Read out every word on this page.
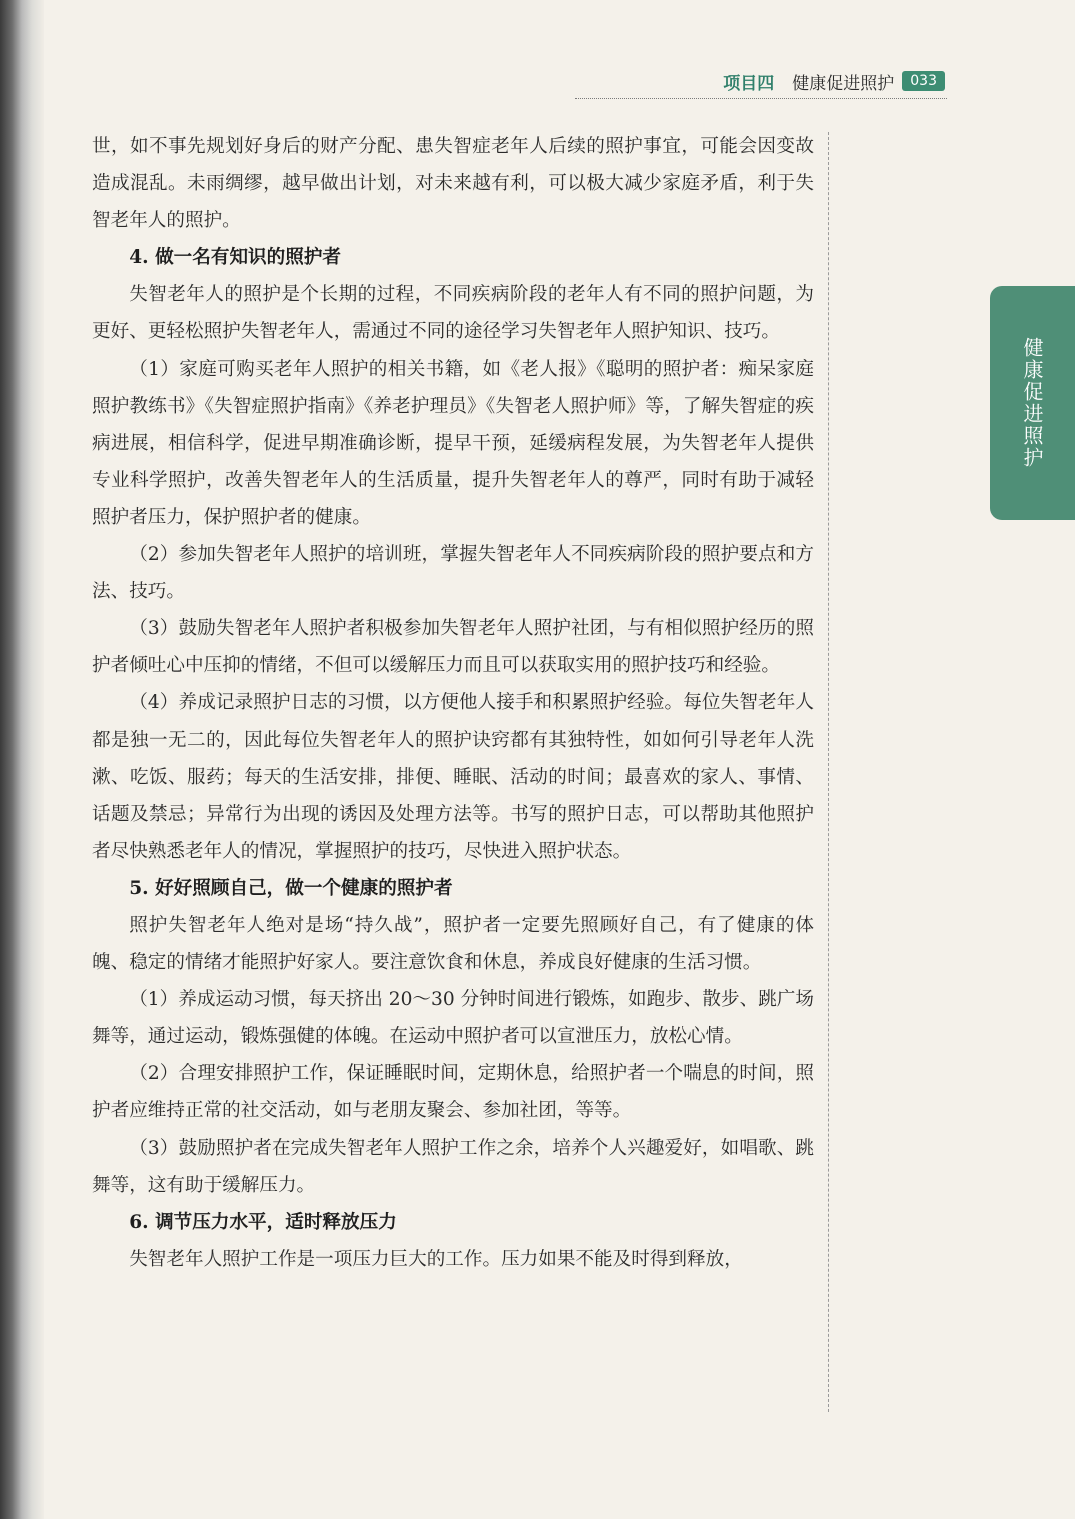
项目四 健康促进照护	033
健康促进照护

世，如不事先规划好身后的财产分配、患失智症老年人后续的照护事宜，可能会因变故造成混乱。未雨绸缪，越早做出计划，对未来越有利，可以极大减少家庭矛盾，利于失智老年人的照护。

4. 做一名有知识的照护者

失智老年人的照护是个长期的过程，不同疾病阶段的老年人有不同的照护问题，为更好、更轻松照护失智老年人，需通过不同的途径学习失智老年人照护知识、技巧。

（1）家庭可购买老年人照护的相关书籍，如《老人报》《聪明的照护者：痴呆家庭照护教练书》《失智症照护指南》《养老护理员》《失智老人照护师》等，了解失智症的疾病进展，相信科学，促进早期准确诊断，提早干预，延缓病程发展，为失智老年人提供专业科学照护，改善失智老年人的生活质量，提升失智老年人的尊严，同时有助于减轻照护者压力，保护照护者的健康。

（2）参加失智老年人照护的培训班，掌握失智老年人不同疾病阶段的照护要点和方法、技巧。

（3）鼓励失智老年人照护者积极参加失智老年人照护社团，与有相似照护经历的照护者倾吐心中压抑的情绪，不但可以缓解压力而且可以获取实用的照护技巧和经验。

（4）养成记录照护日志的习惯，以方便他人接手和积累照护经验。每位失智老年人都是独一无二的，因此每位失智老年人的照护诀窍都有其独特性，如如何引导老年人洗漱、吃饭、服药；每天的生活安排，排便、睡眠、活动的时间；最喜欢的家人、事情、话题及禁忌；异常行为出现的诱因及处理方法等。书写的照护日志，可以帮助其他照护者尽快熟悉老年人的情况，掌握照护的技巧，尽快进入照护状态。

5. 好好照顾自己，做一个健康的照护者

照护失智老年人绝对是场“持久战”，照护者一定要先照顾好自己，有了健康的体魄、稳定的情绪才能照护好家人。要注意饮食和休息，养成良好健康的生活习惯。

（1）养成运动习惯，每天挤出 20～30 分钟时间进行锻炼，如跑步、散步、跳广场舞等，通过运动，锻炼强健的体魄。在运动中照护者可以宣泄压力，放松心情。

（2）合理安排照护工作，保证睡眠时间，定期休息，给照护者一个喘息的时间，照护者应维持正常的社交活动，如与老朋友聚会、参加社团，等等。

（3）鼓励照护者在完成失智老年人照护工作之余，培养个人兴趣爱好，如唱歌、跳舞等，这有助于缓解压力。

6. 调节压力水平，适时释放压力

失智老年人照护工作是一项压力巨大的工作。压力如果不能及时得到释放，
